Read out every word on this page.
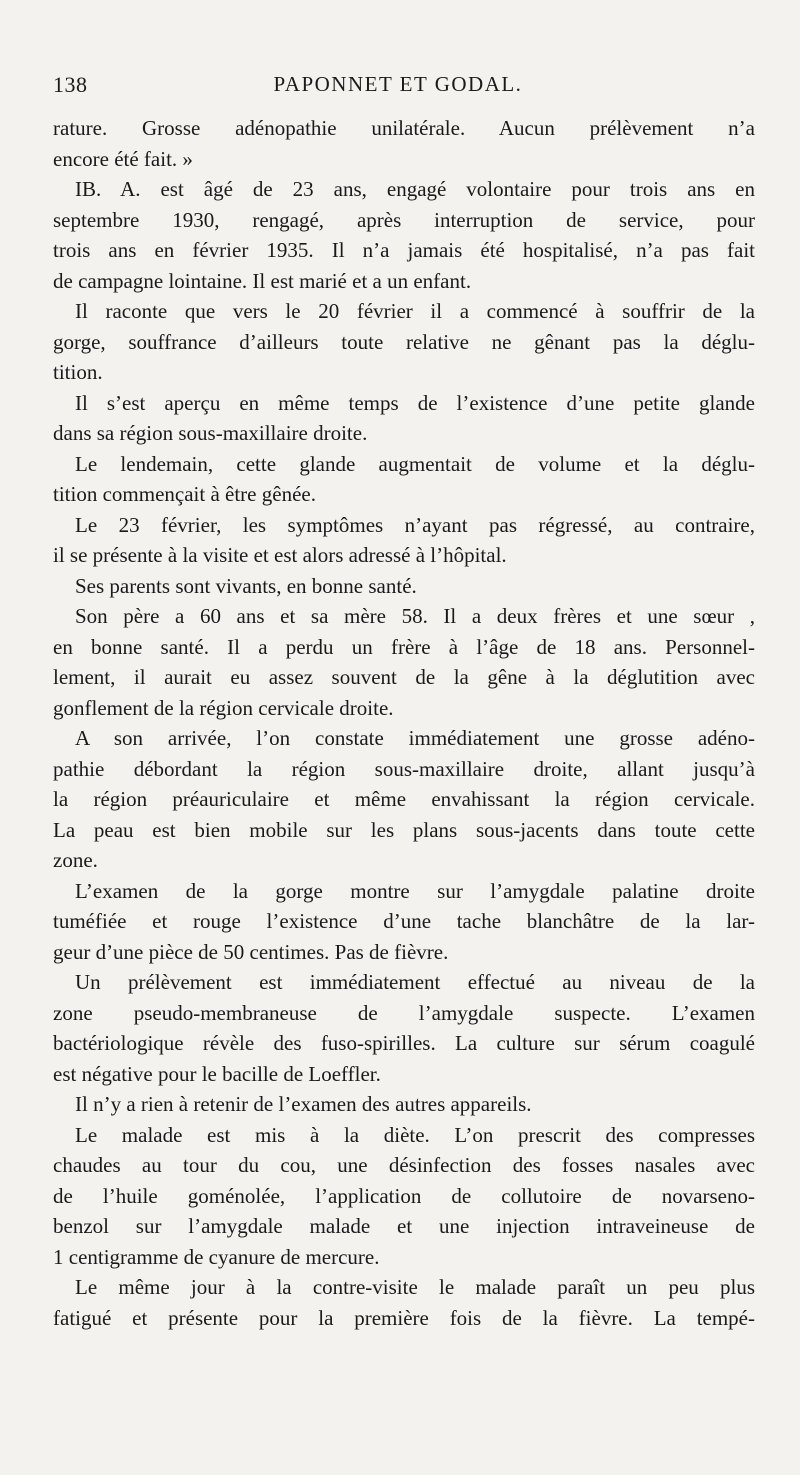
138	PAPONNET ET GODAL.
rature. Grosse adénopathie unilatérale. Aucun prélèvement n’a
encore été fait. »
IB. A. est âgé de 23 ans, engagé volontaire pour trois ans en
septembre 1930, rengagé, après interruption de service, pour
trois ans en février 1935. Il n’a jamais été hospitalisé, n’a pas fait
de campagne lointaine. Il est marié et a un enfant.
Il raconte que vers le 20 février il a commencé à souffrir de la
gorge, souffrance d’ailleurs toute relative ne gênant pas la déglu-
tition.
Il s’est aperçu en même temps de l’existence d’une petite glande
dans sa région sous-maxillaire droite.
Le lendemain, cette glande augmentait de volume et la déglu-
tition commençait à être gênée.
Le 23 février, les symptômes n’ayant pas régressé, au contraire,
il se présente à la visite et est alors adressé à l’hôpital.
Ses parents sont vivants, en bonne santé.
Son père a 60 ans et sa mère 58. Il a deux frères et une sœur ,
en bonne santé. Il a perdu un frère à l’âge de 18 ans. Personnel-
lement, il aurait eu assez souvent de la gêne à la déglutition avec
gonflement de la région cervicale droite.
A son arrivée, l’on constate immédiatement une grosse adéno-
pathie débordant la région sous-maxillaire droite, allant jusqu’à
la région préauriculaire et même envahissant la région cervicale.
La peau est bien mobile sur les plans sous-jacents dans toute cette
zone.
L’examen de la gorge montre sur l’amygdale palatine droite
tuméfiée et rouge l’existence d’une tache blanchâtre de la lar-
geur d’une pièce de 50 centimes. Pas de fièvre.
Un prélèvement est immédiatement effectué au niveau de la
zone pseudo-membraneuse de l’amygdale suspecte. L’examen
bactériologique révèle des fuso-spirilles. La culture sur sérum coagulé
est négative pour le bacille de Loeffler.
Il n’y a rien à retenir de l’examen des autres appareils.
Le malade est mis à la diète. L’on prescrit des compresses
chaudes au tour du cou, une désinfection des fosses nasales avec
de l’huile goménolée, l’application de collutoire de novarseno-
benzol sur l’amygdale malade et une injection intraveineuse de
1 centigramme de cyanure de mercure.
Le même jour à la contre-visite le malade paraît un peu plus
fatigué et présente pour la première fois de la fièvre. La tempé-
